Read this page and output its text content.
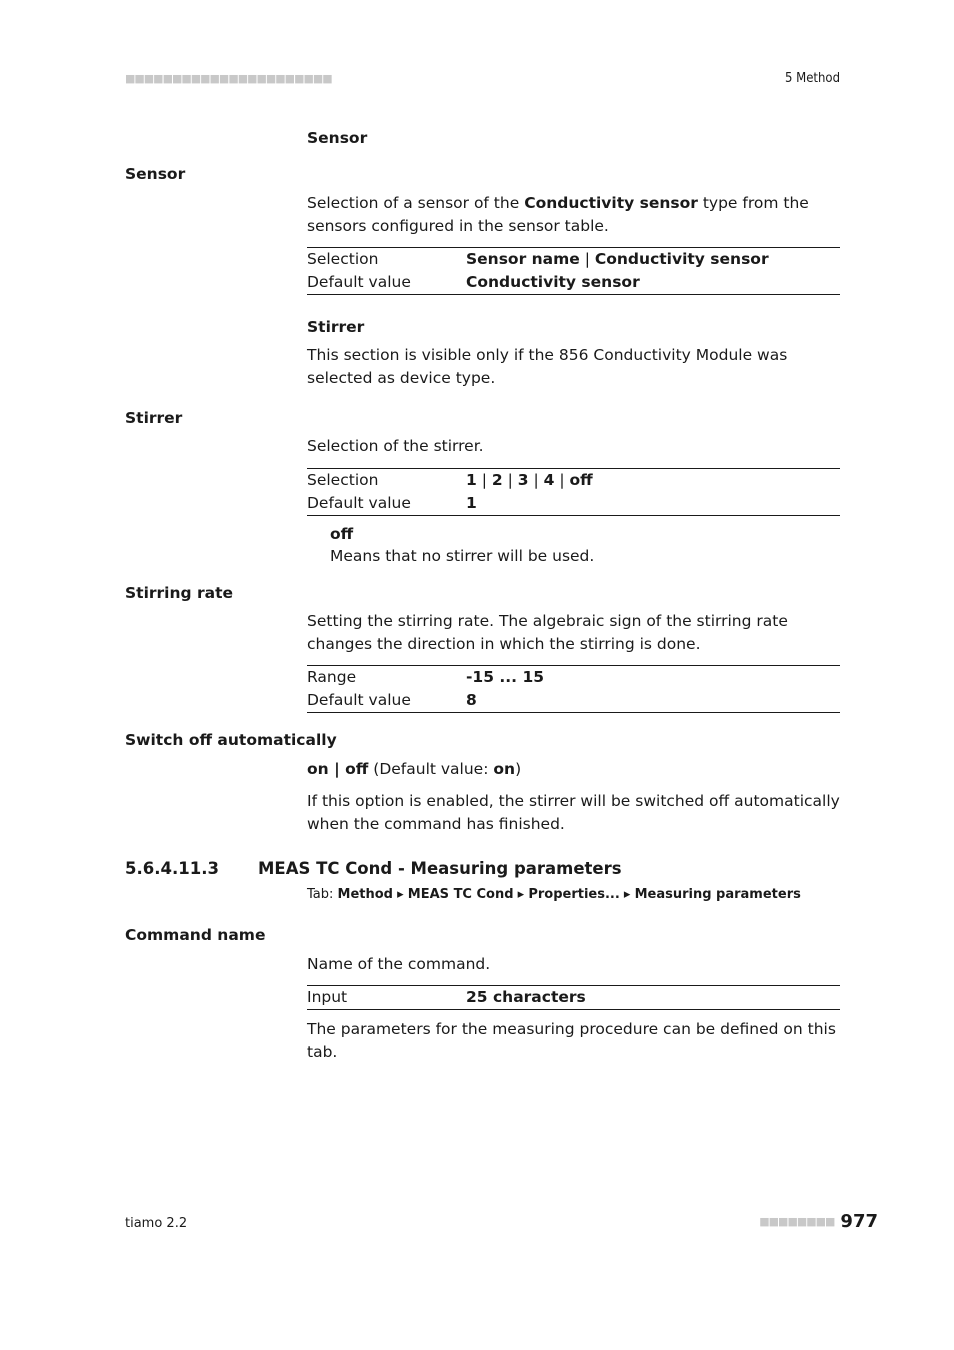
■■■■■■■■■■■■■■■■■■■■■■	5 Method
Sensor
Sensor
Selection of a sensor of the Conductivity sensor type from the sensors configured in the sensor table.
Selection	Sensor name | Conductivity sensor
Default value	Conductivity sensor
Stirrer
This section is visible only if the 856 Conductivity Module was selected as device type.
Stirrer
Selection of the stirrer.
Selection	1 | 2 | 3 | 4 | off
Default value	1
off
Means that no stirrer will be used.
Stirring rate
Setting the stirring rate. The algebraic sign of the stirring rate changes the direction in which the stirring is done.
Range	-15 ... 15
Default value	8
Switch off automatically
on | off (Default value: on)
If this option is enabled, the stirrer will be switched off automatically when the command has finished.
5.6.4.11.3 MEAS TC Cond - Measuring parameters
Tab: Method ▸ MEAS TC Cond ▸ Properties... ▸ Measuring parameters
Command name
Name of the command.
Input	25 characters
The parameters for the measuring procedure can be defined on this tab.
tiamo 2.2	■■■■■■■■ 977
